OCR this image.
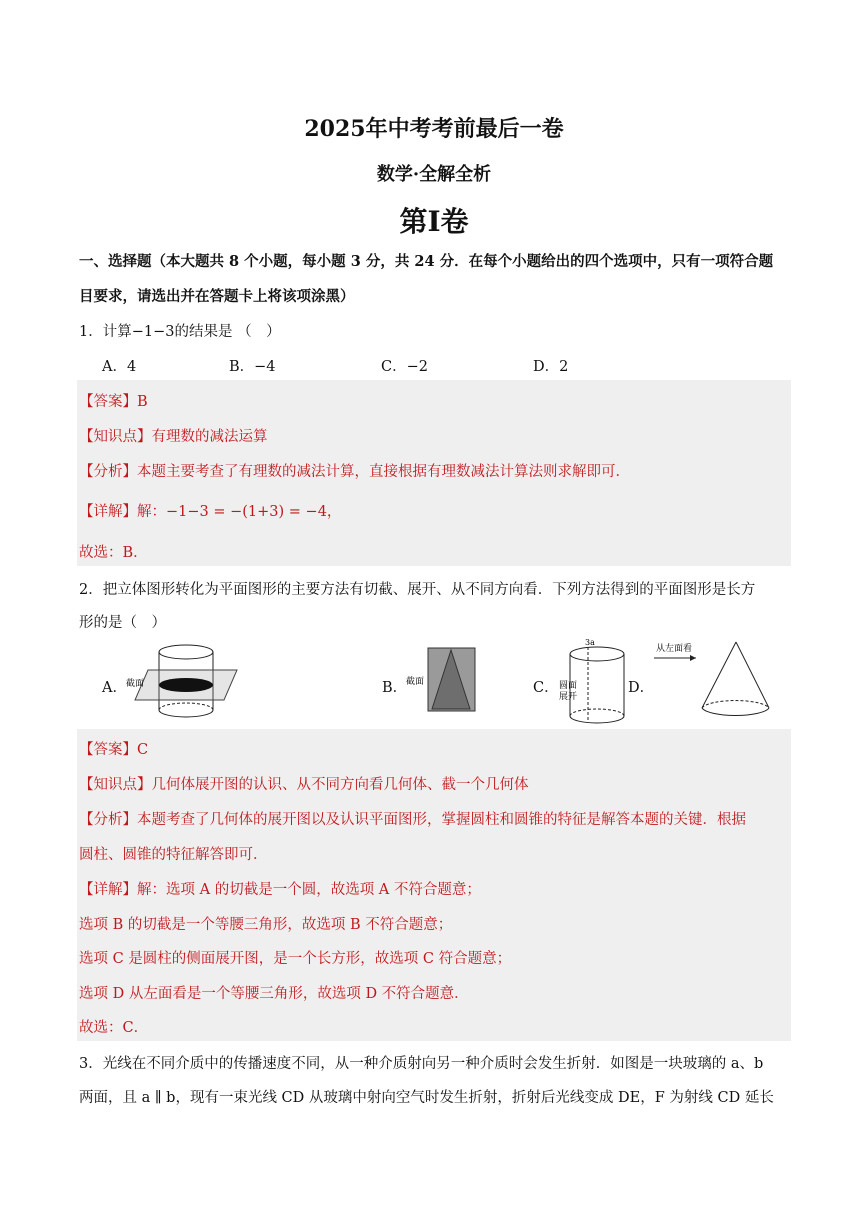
2025年中考考前最后一卷
数学·全解全析
第I卷
一、选择题（本大题共 8 个小题，每小题 3 分，共 24 分．在每个小题给出的四个选项中，只有一项符合题
目要求，请选出并在答题卡上将该项涂黑）
1．计算−1−3的结果是 （　）
A．4	B．−4	C．−2	D．2
【答案】B
【知识点】有理数的减法运算
【分析】本题主要考查了有理数的减法计算，直接根据有理数减法计算法则求解即可．
【详解】解：−1−3 = −(1+3) = −4，
故选：B．
2．把立体图形转化为平面图形的主要方法有切截、展开、从不同方向看．下列方法得到的平面图形是长方
形的是（　）
A．	B．	C．	D．
截面	截面
3a
圆面
展开
从左面看
【答案】C
【知识点】几何体展开图的认识、从不同方向看几何体、截一个几何体
【分析】本题考查了几何体的展开图以及认识平面图形，掌握圆柱和圆锥的特征是解答本题的关键．根据
圆柱、圆锥的特征解答即可．
【详解】解：选项 A 的切截是一个圆，故选项 A 不符合题意；
选项 B 的切截是一个等腰三角形，故选项 B 不符合题意；
选项 C 是圆柱的侧面展开图，是一个长方形，故选项 C 符合题意；
选项 D 从左面看是一个等腰三角形，故选项 D 不符合题意．
故选：C．
3．光线在不同介质中的传播速度不同，从一种介质射向另一种介质时会发生折射．如图是一块玻璃的 a、b
两面，且 a ∥ b，现有一束光线 CD 从玻璃中射向空气时发生折射，折射后光线变成 DE，F 为射线 CD 延长
